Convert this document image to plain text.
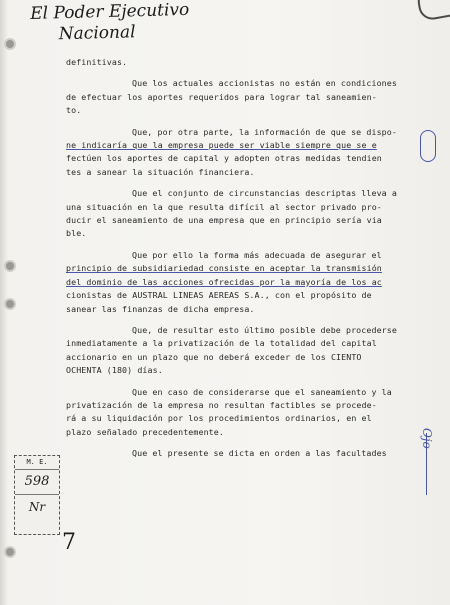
El Poder Ejecutivo
Nacional

definitivas.

Que los actuales accionistas no están en condiciones
de efectuar los aportes requeridos para lograr tal saneamien-
to.

Que, por otra parte, la información de que se dispo-
ne indicaría que la empresa puede ser viable siempre que se e
fectúen los aportes de capital y adopten otras medidas tendien
tes a sanear la situación financiera.

Que el conjunto de circunstancias descriptas lleva a
una situación en la que resulta difícil al sector privado pro-
ducir el saneamiento de una empresa que en principio sería via
ble.

Que por ello la forma más adecuada de asegurar el
principio de subsidiariedad consiste en aceptar la transmisión
del dominio de las acciones ofrecidas por la mayoría de los ac
cionistas de AUSTRAL LINEAS AEREAS S.A., con el propósito de
sanear las finanzas de dicha empresa.

Que, de resultar esto último posible debe procederse
inmediatamente a la privatización de la totalidad del capital
accionario en un plazo que no deberá exceder de los CIENTO
OCHENTA (180) días.

Que en caso de considerarse que el saneamiento y la
privatización de la empresa no resultan factibles se procede-
rá a su liquidación por los procedimientos ordinarios, en el
plazo señalado precedentemente.

Que el presente se dicta en orden a las facultades

Ojo
M. E.
598
Nr
7
